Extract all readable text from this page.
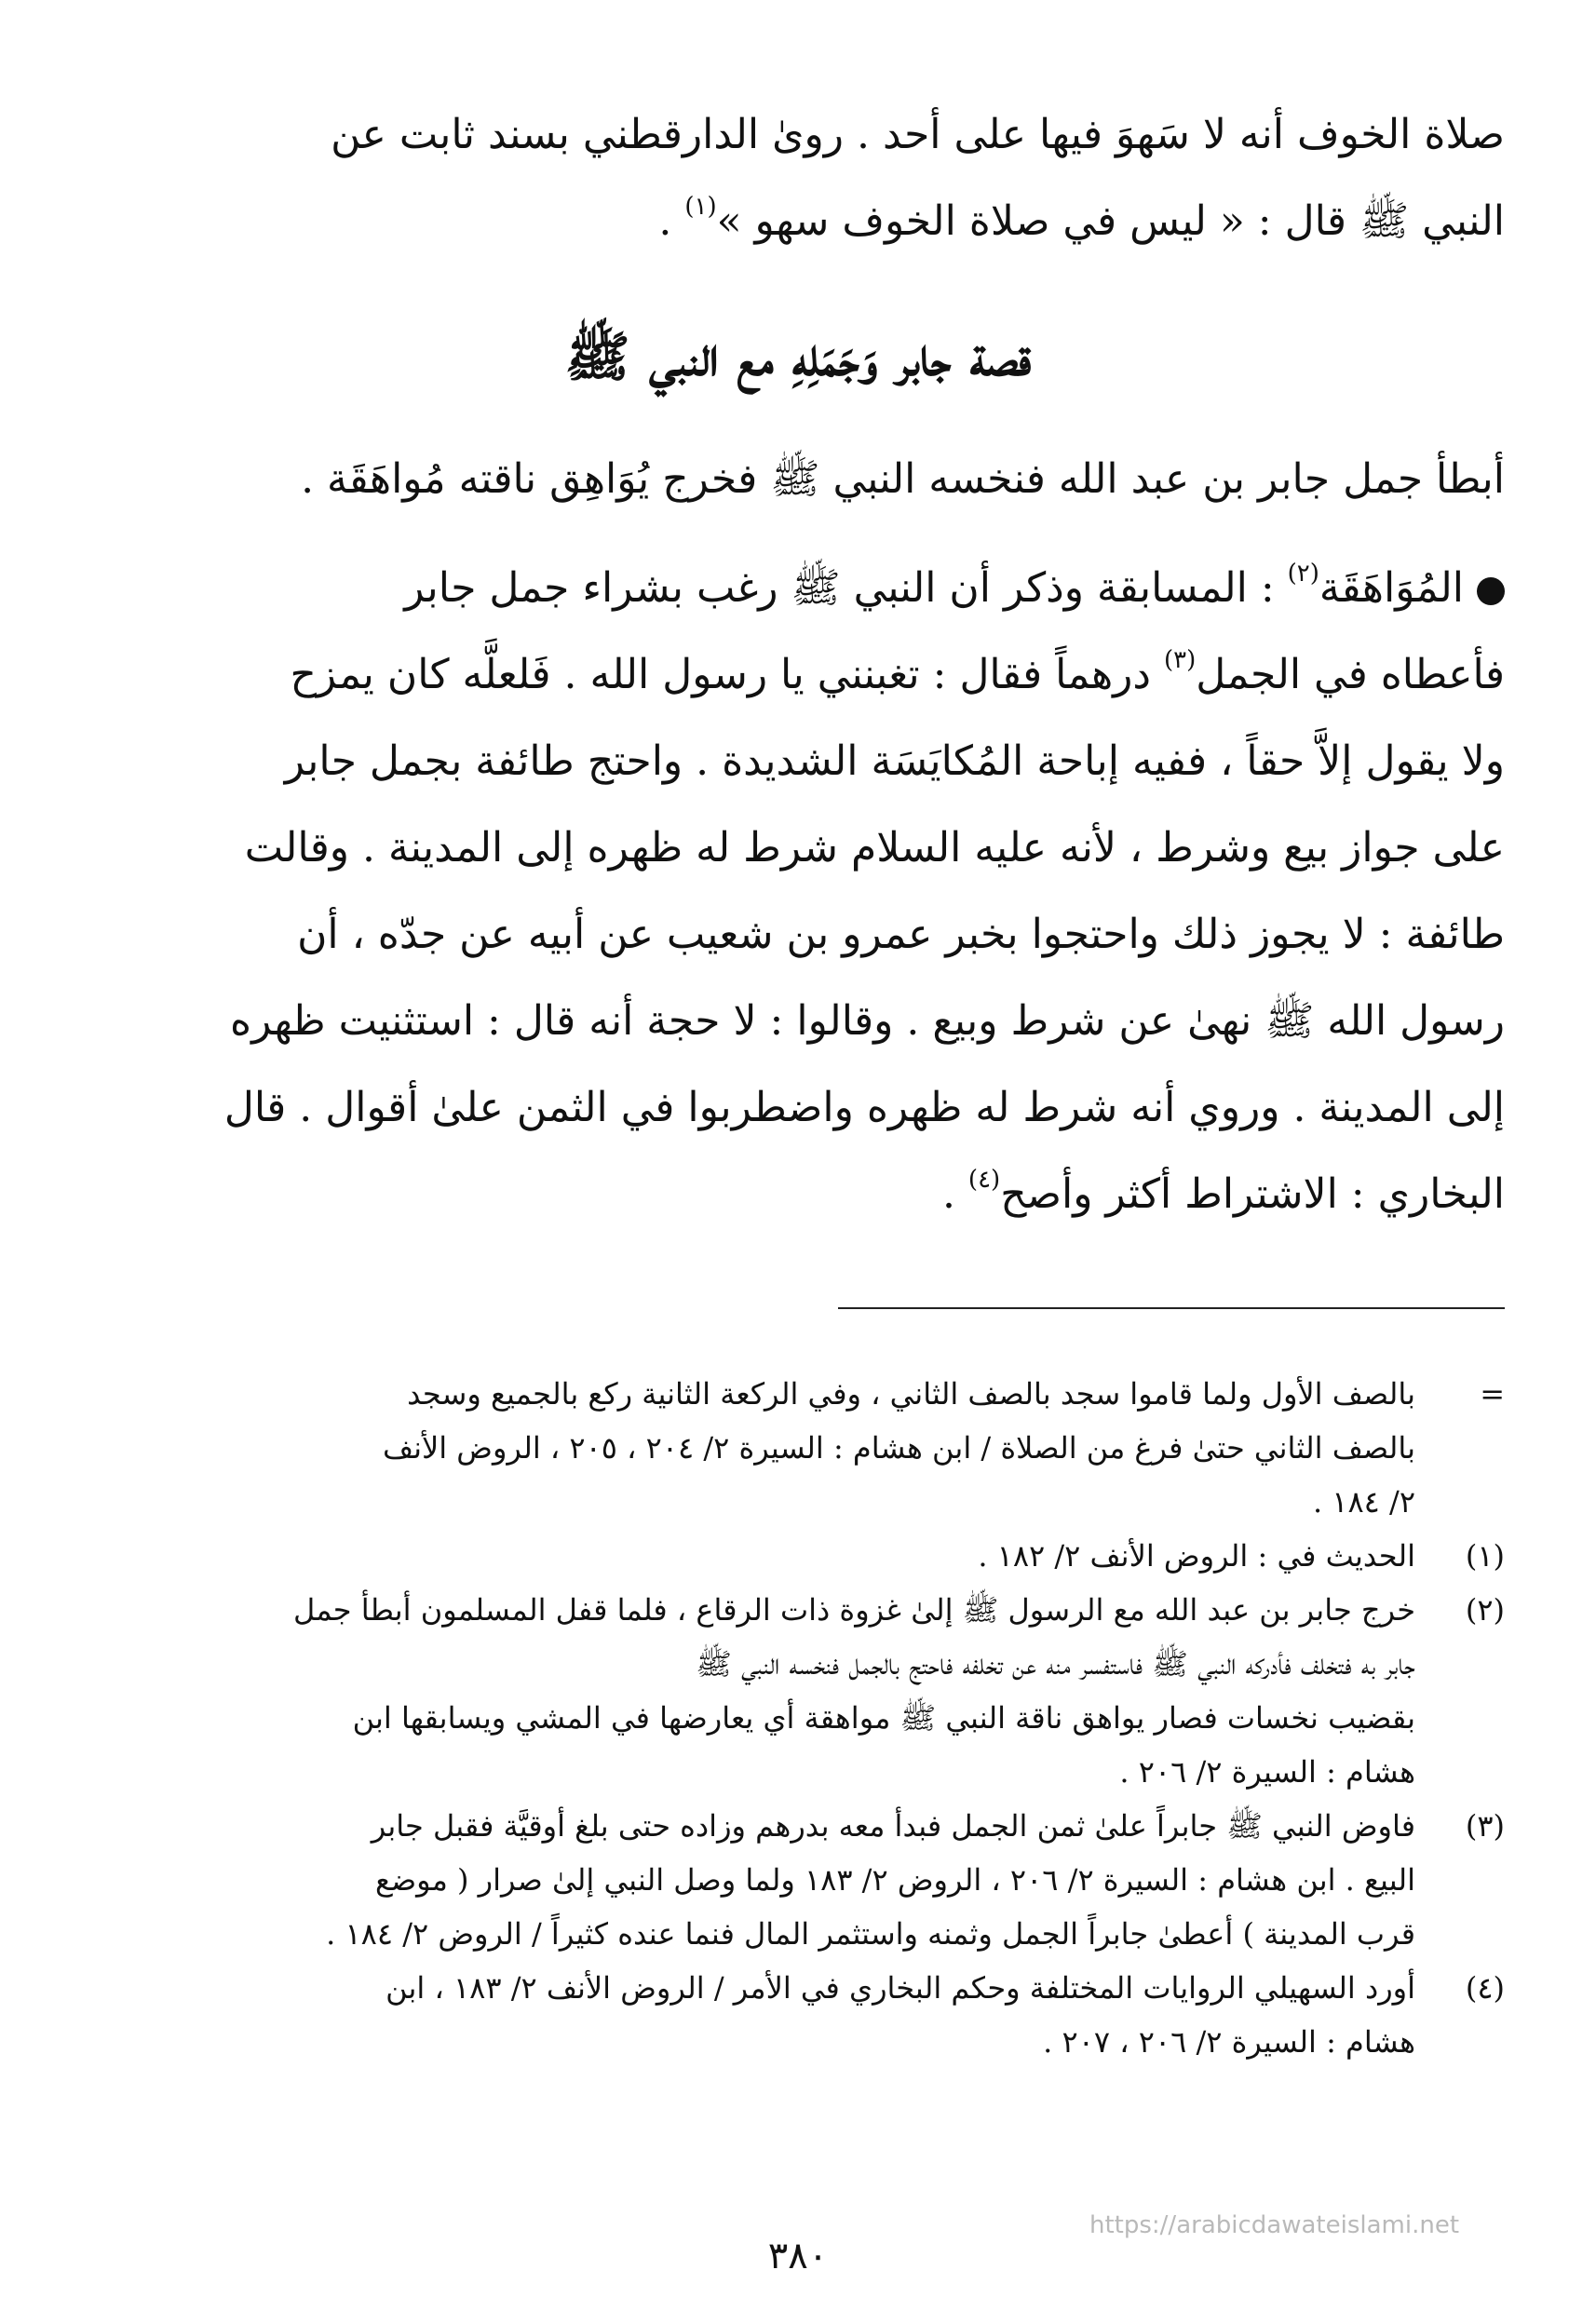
صلاة الخوف أنه لا سَهوَ فيها على أحد . روىٰ الدارقطني بسند ثابت عن
النبي ﷺ قال : « ليس في صلاة الخوف سهو »$^{(١)}$ .
قصة جابر وَجَمَلِهِ مع النبي ﷺ
أبطأ جمل جابر بن عبد الله فنخسه النبي ﷺ فخرج يُوَاهِق ناقته مُواهَقَة .
المُوَاهَقَة$^{(٢)}$ : المسابقة وذكر أن النبي ﷺ رغب بشراء جمل جابر
فأعطاه في الجمل$^{(٣)}$ درهماً فقال : تغبنني يا رسول الله . فَلعلَّه كان يمزح
ولا يقول إلاَّ حقاً ، ففيه إباحة المُكايَسَة الشديدة . واحتج طائفة بجمل جابر
على جواز بيع وشرط ، لأنه عليه السلام شرط له ظهره إلى المدينة . وقالت
طائفة : لا يجوز ذلك واحتجوا بخبر عمرو بن شعيب عن أبيه عن جدّه ، أن
رسول الله ﷺ نهىٰ عن شرط وبيع . وقالوا : لا حجة أنه قال : استثنيت ظهره
إلى المدينة . وروي أنه شرط له ظهره واضطربوا في الثمن علىٰ أقوال . قال
البخاري : الاشتراط أكثر وأصح$^{(٤)}$ .
=
بالصف الأول ولما قاموا سجد بالصف الثاني ، وفي الركعة الثانية ركع بالجميع وسجد
بالصف الثاني حتىٰ فرغ من الصلاة / ابن هشام : السيرة ٢/ ٢٠٤ ، ٢٠٥ ، الروض الأنف
٢/ ١٨٤ .
(١)
الحديث في : الروض الأنف ٢/ ١٨٢ .
(٢)
خرج جابر بن عبد الله مع الرسول ﷺ إلىٰ غزوة ذات الرقاع ، فلما قفل المسلمون أبطأ جمل
جابر به فتخلف فأدركه النبي ﷺ فاستفسر منه عن تخلفه فاحتج بالجمل فنخسه النبي ﷺ
بقضيب نخسات فصار يواهق ناقة النبي ﷺ مواهقة أي يعارضها في المشي ويسابقها ابن
هشام : السيرة ٢/ ٢٠٦ .
(٣)
فاوض النبي ﷺ جابراً علىٰ ثمن الجمل فبدأ معه بدرهم وزاده حتى بلغ أوقيَّة فقبل جابر
البيع . ابن هشام : السيرة ٢/ ٢٠٦ ، الروض ٢/ ١٨٣ ولما وصل النبي إلىٰ صرار ( موضع
قرب المدينة ) أعطىٰ جابراً الجمل وثمنه واستثمر المال فنما عنده كثيراً / الروض ٢/ ١٨٤ .
(٤)
أورد السهيلي الروايات المختلفة وحكم البخاري في الأمر / الروض الأنف ٢/ ١٨٣ ، ابن
هشام : السيرة ٢/ ٢٠٦ ، ٢٠٧ .
https://arabicdawateislami.net
٣٨٠
